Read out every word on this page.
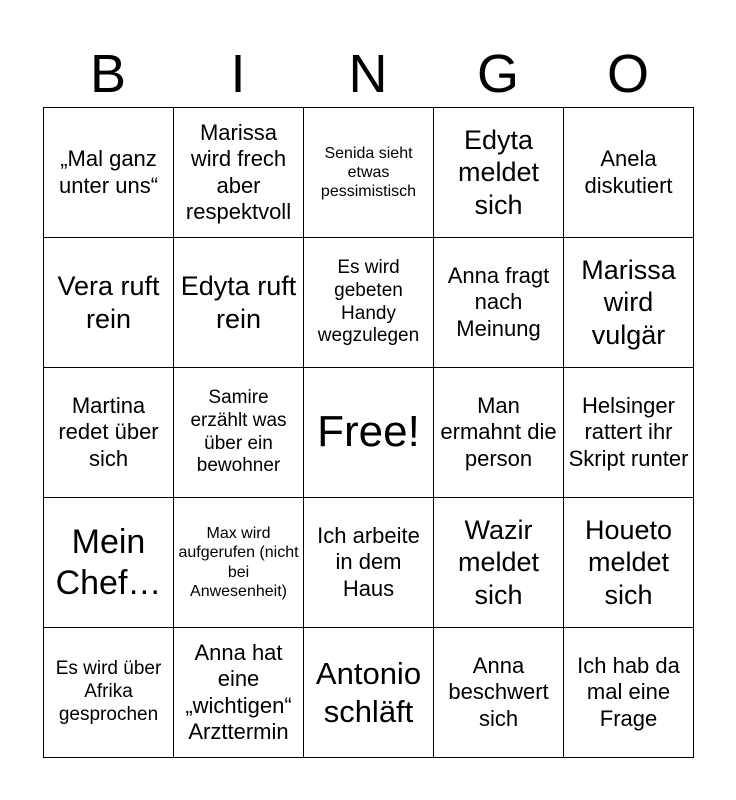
B	I	N	G	O
„Mal ganz unter uns“	Marissa wird frech aber respektvoll	Senida sieht etwas pessimistisch	Edyta meldet sich	Anela diskutiert
Vera ruft rein	Edyta ruft rein	Es wird gebeten Handy wegzulegen	Anna fragt nach Meinung	Marissa wird vulgär
Martina redet über sich	Samire erzählt was über ein bewohner	Free!	Man ermahnt die person	Helsinger rattert ihr Skript runter
Mein Chef…	Max wird aufgerufen (nicht bei Anwesenheit)	Ich arbeite in dem Haus	Wazir meldet sich	Houeto meldet sich
Es wird über Afrika gesprochen	Anna hat eine „wichtigen“ Arzttermin	Antonio schläft	Anna beschwert sich	Ich hab da mal eine Frage
